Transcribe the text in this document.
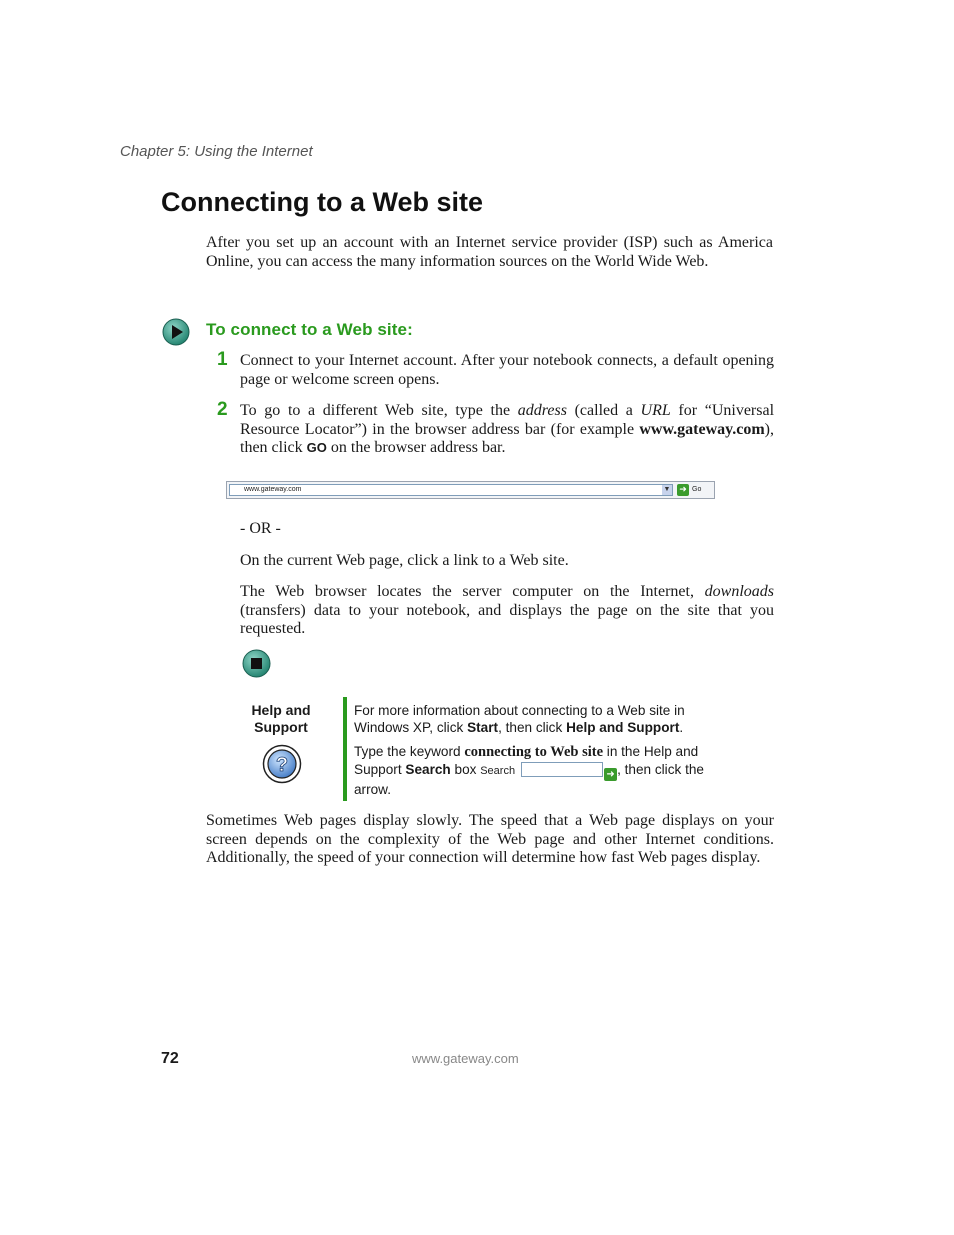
Chapter 5: Using the Internet
Connecting to a Web site

After you set up an account with an Internet service provider (ISP) such as America Online, you can access the many information sources on the World Wide Web.

To connect to a Web site:
1 Connect to your Internet account. After your notebook connects, a default opening page or welcome screen opens.

2 To go to a different Web site, type the address (called a URL for “Universal Resource Locator”) in the browser address bar (for example www.gateway.com), then click GO on the browser address bar.

www.gateway.com	▼ ➜ Go

- OR -

On the current Web page, click a link to a Web site.

The Web browser locates the server computer on the Internet, downloads (transfers) data to your notebook, and displays the page on the site that you requested.

Help and
Support
?

For more information about connecting to a Web site in Windows XP, click Start, then click Help and Support.

Type the keyword connecting to Web site in the Help and Support Search box Search	➜ , then click the arrow.

Sometimes Web pages display slowly. The speed that a Web page displays on your screen depends on the complexity of the Web page and other Internet conditions. Additionally, the speed of your connection will determine how fast Web pages display.

72	www.gateway.com
